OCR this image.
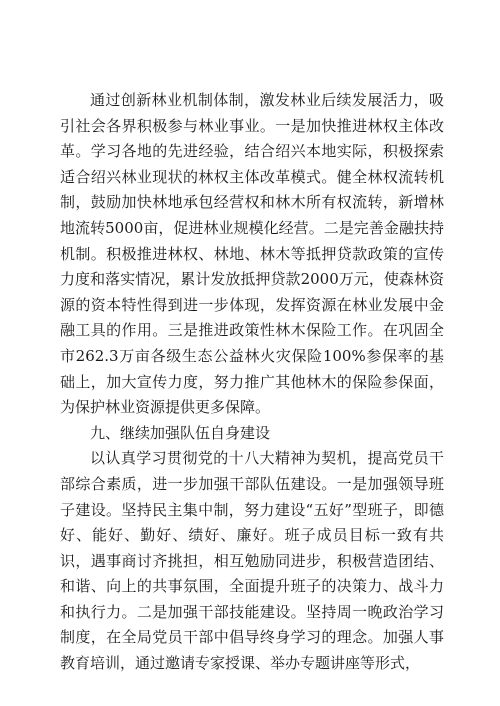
通过创新林业机制体制，激发林业后续发展活力，吸引社会各界积极参与林业事业。一是加快推进林权主体改革。学习各地的先进经验，结合绍兴本地实际，积极探索适合绍兴林业现状的林权主体改革模式。健全林权流转机制，鼓励加快林地承包经营权和林木所有权流转，新增林地流转5000亩，促进林业规模化经营。二是完善金融扶持机制。积极推进林权、林地、林木等抵押贷款政策的宣传力度和落实情况，累计发放抵押贷款2000万元，使森林资源的资本特性得到进一步体现，发挥资源在林业发展中金融工具的作用。三是推进政策性林木保险工作。在巩固全市262.3万亩各级生态公益林火灾保险100%参保率的基础上，加大宣传力度，努力推广其他林木的保险参保面，为保护林业资源提供更多保障。

九、继续加强队伍自身建设

以认真学习贯彻党的十八大精神为契机，提高党员干部综合素质，进一步加强干部队伍建设。一是加强领导班子建设。坚持民主集中制，努力建设“五好”型班子，即德好、能好、勤好、绩好、廉好。班子成员目标一致有共识，遇事商讨齐挑担，相互勉励同进步，积极营造团结、和谐、向上的共事氛围，全面提升班子的决策力、战斗力和执行力。二是加强干部技能建设。坚持周一晚政治学习制度，在全局党员干部中倡导终身学习的理念。加强人事教育培训，通过邀请专家授课、举办专题讲座等形式，
